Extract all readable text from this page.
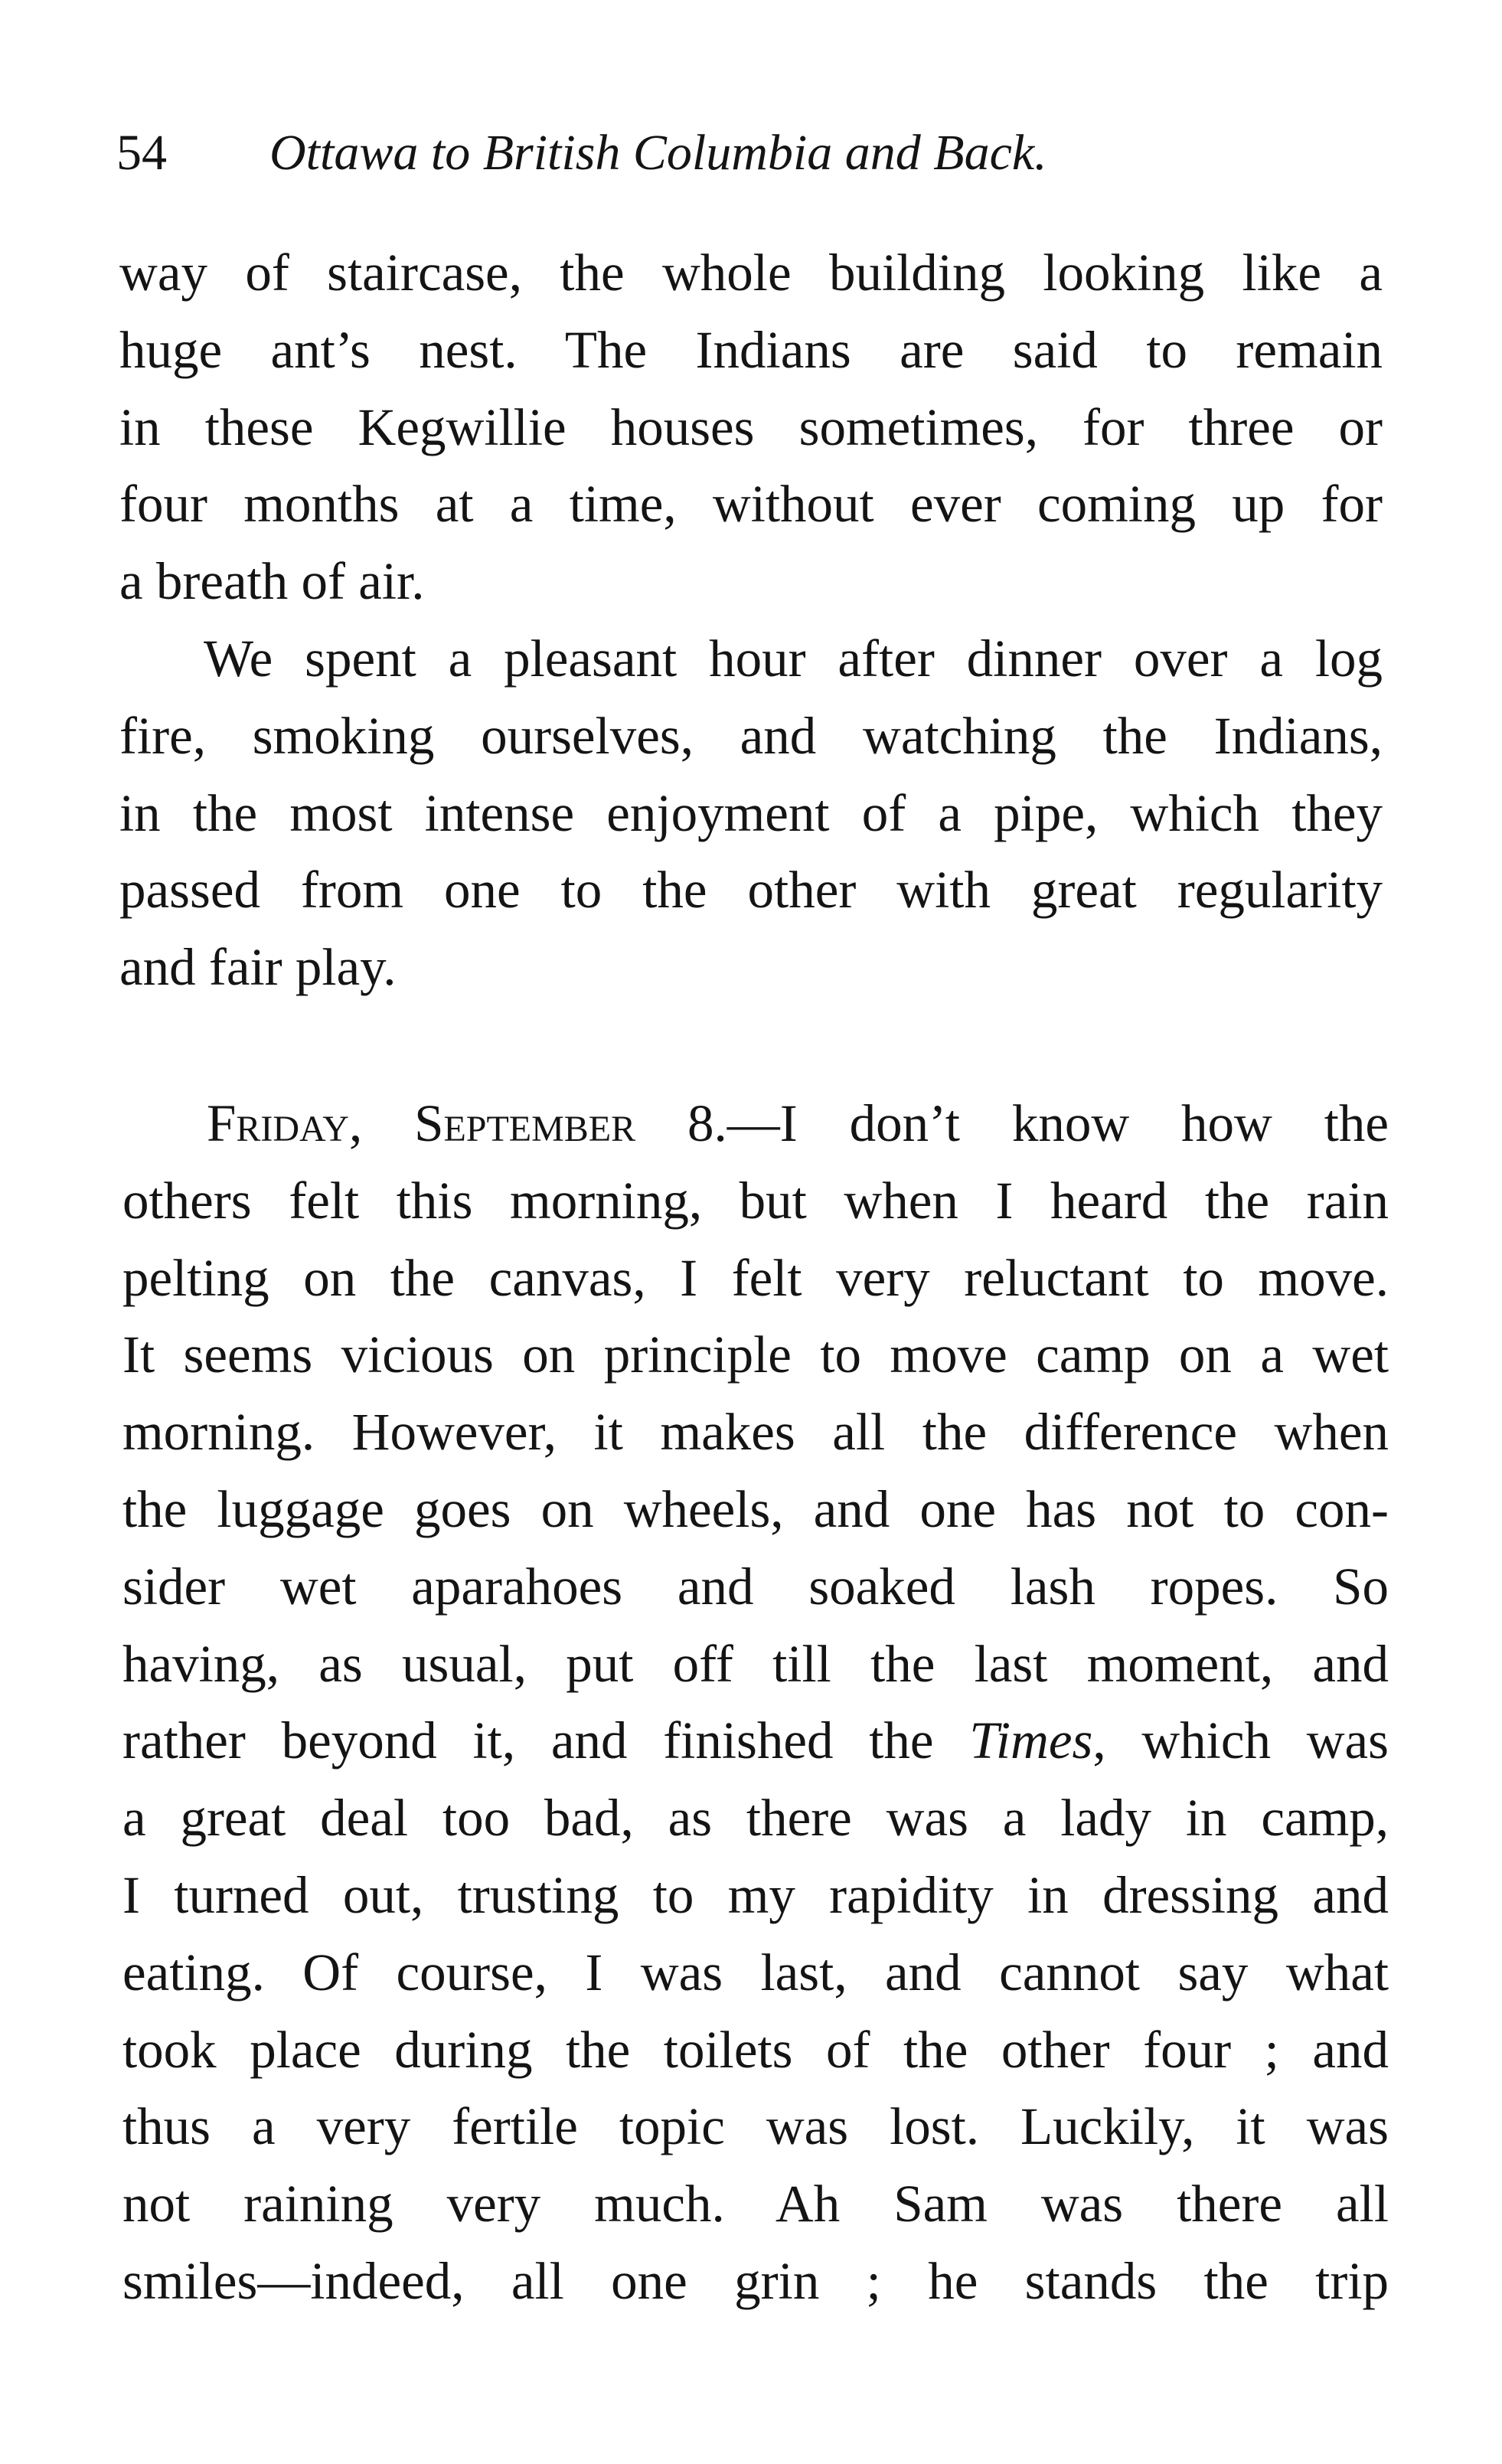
54 Ottawa to British Columbia and Back.
way of staircase, the whole building looking like a
huge ant’s nest. The Indians are said to remain
in these Kegwillie houses sometimes, for three or
four months at a time, without ever coming up for
a breath of air.
We spent a pleasant hour after dinner over a log
fire, smoking ourselves, and watching the Indians,
in the most intense enjoyment of a pipe, which they
passed from one to the other with great regularity
and fair play.
Friday, September 8.—I don’t know how the
others felt this morning, but when I heard the rain
pelting on the canvas, I felt very reluctant to move.
It seems vicious on principle to move camp on a wet
morning. However, it makes all the difference when
the luggage goes on wheels, and one has not to con-
sider wet aparahoes and soaked lash ropes. So
having, as usual, put off till the last moment, and
rather beyond it, and finished the Times, which was
a great deal too bad, as there was a lady in camp,
I turned out, trusting to my rapidity in dressing and
eating. Of course, I was last, and cannot say what
took place during the toilets of the other four ; and
thus a very fertile topic was lost. Luckily, it was
not raining very much. Ah Sam was there all
smiles—indeed, all one grin ; he stands the trip
